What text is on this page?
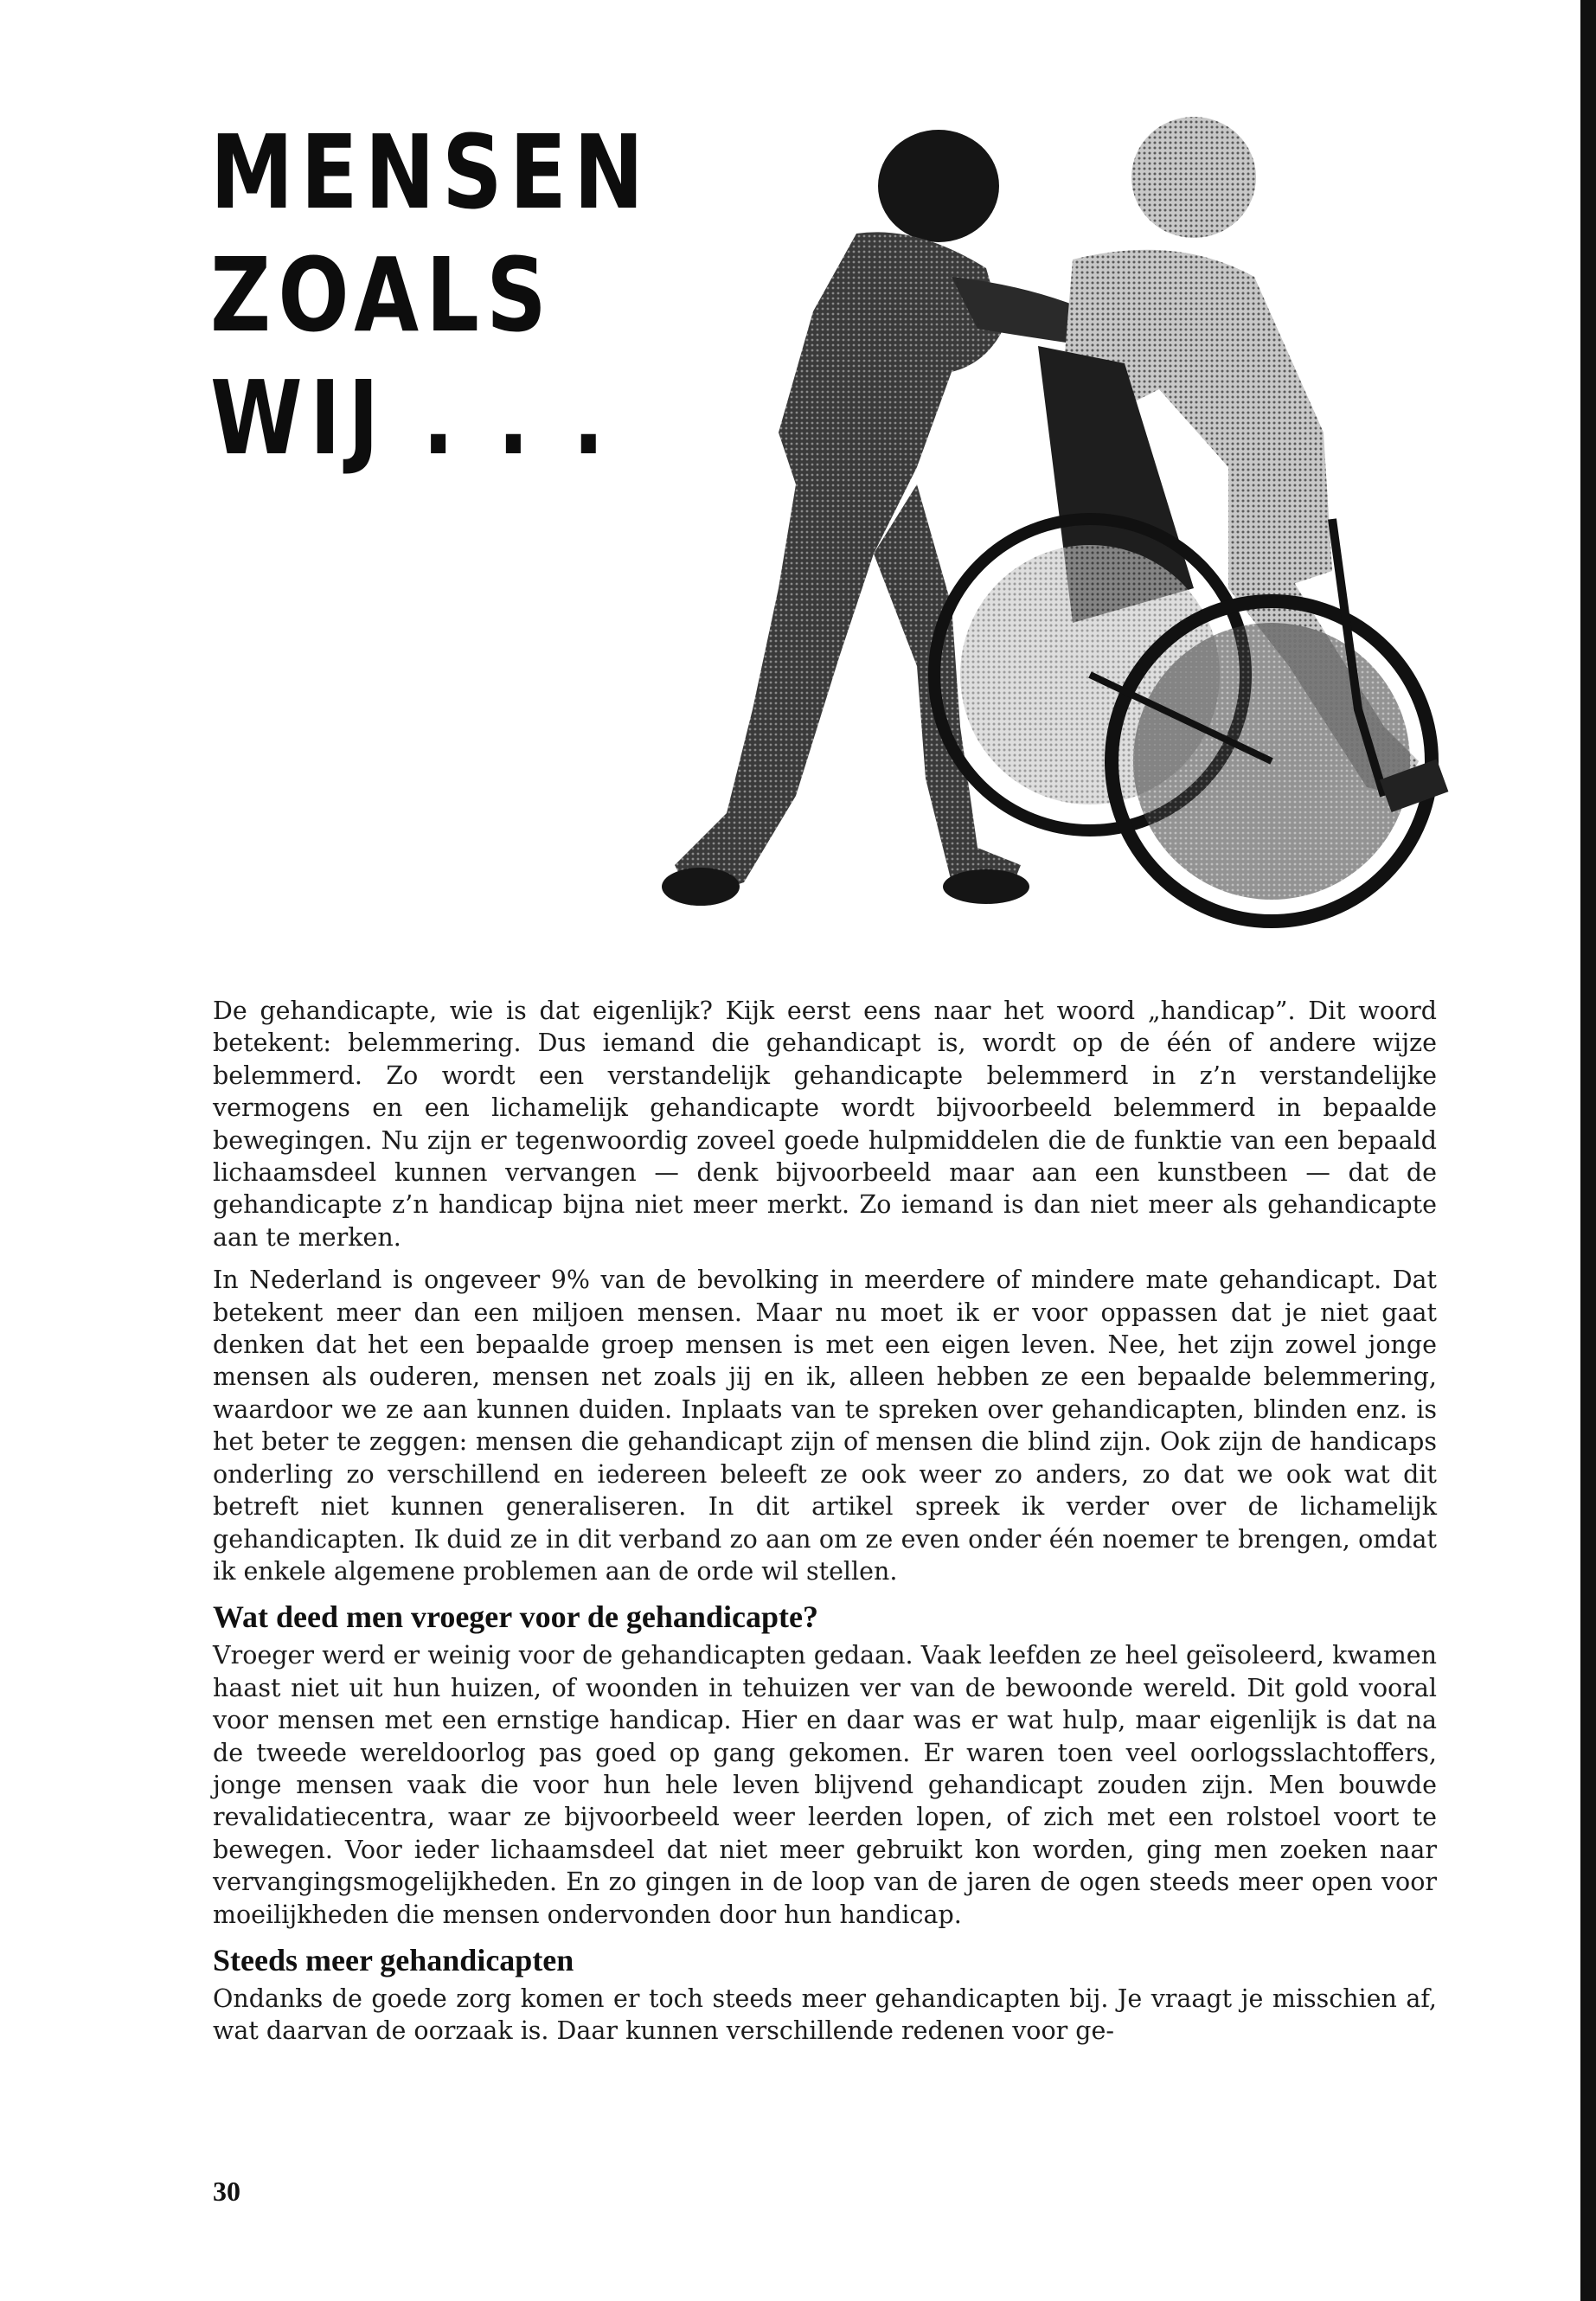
MENSEN
ZOALS
WIJ . . .

De gehandicapte, wie is dat eigenlijk? Kijk eerst eens naar het woord „handicap”. Dit woord betekent: belemmering. Dus iemand die gehandicapt is, wordt op de één of andere wijze belemmerd. Zo wordt een verstandelijk gehandicapte belemmerd in z’n verstandelijke vermogens en een lichamelijk gehandicapte wordt bijvoorbeeld belemmerd in bepaalde bewegingen. Nu zijn er tegenwoordig zoveel goede hulpmiddelen die de funktie van een bepaald lichaamsdeel kunnen vervangen — denk bijvoorbeeld maar aan een kunstbeen — dat de gehandicapte z’n handicap bijna niet meer merkt. Zo iemand is dan niet meer als gehandicapte aan te merken.

In Nederland is ongeveer 9% van de bevolking in meerdere of mindere mate gehandicapt. Dat betekent meer dan een miljoen mensen. Maar nu moet ik er voor oppassen dat je niet gaat denken dat het een bepaalde groep mensen is met een eigen leven. Nee, het zijn zowel jonge mensen als ouderen, mensen net zoals jij en ik, alleen hebben ze een bepaalde belemmering, waardoor we ze aan kunnen duiden. Inplaats van te spreken over gehandicapten, blinden enz. is het beter te zeggen: mensen die gehandicapt zijn of mensen die blind zijn. Ook zijn de handicaps onderling zo verschillend en iedereen beleeft ze ook weer zo anders, zo dat we ook wat dit betreft niet kunnen generaliseren. In dit artikel spreek ik verder over de lichamelijk gehandicapten. Ik duid ze in dit verband zo aan om ze even onder één noemer te brengen, omdat ik enkele algemene problemen aan de orde wil stellen.

Wat deed men vroeger voor de gehandicapte?

Vroeger werd er weinig voor de gehandicapten gedaan. Vaak leefden ze heel geïsoleerd, kwamen haast niet uit hun huizen, of woonden in tehuizen ver van de bewoonde wereld. Dit gold vooral voor mensen met een ernstige handicap. Hier en daar was er wat hulp, maar eigenlijk is dat na de tweede wereldoorlog pas goed op gang gekomen. Er waren toen veel oorlogsslachtoffers, jonge mensen vaak die voor hun hele leven blijvend gehandicapt zouden zijn. Men bouwde revalidatiecentra, waar ze bijvoorbeeld weer leerden lopen, of zich met een rolstoel voort te bewegen. Voor ieder lichaamsdeel dat niet meer gebruikt kon worden, ging men zoeken naar vervangingsmogelijkheden. En zo gingen in de loop van de jaren de ogen steeds meer open voor moeilijkheden die mensen ondervonden door hun handicap.

Steeds meer gehandicapten

Ondanks de goede zorg komen er toch steeds meer gehandicapten bij. Je vraagt je misschien af, wat daarvan de oorzaak is. Daar kunnen verschillende redenen voor ge-

30
